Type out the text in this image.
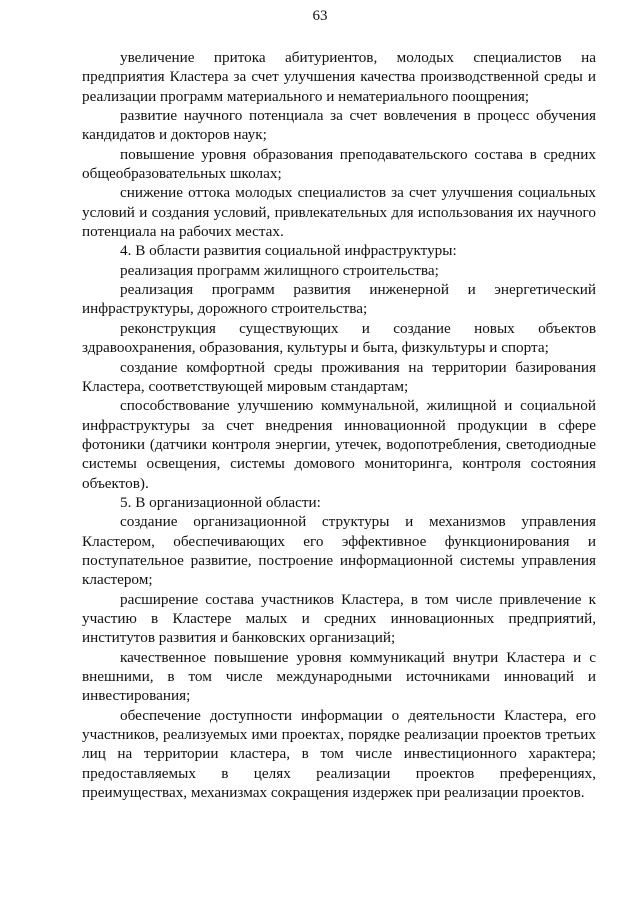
63

увеличение притока абитуриентов, молодых специалистов на предприятия Кластера за счет улучшения качества производственной среды и реализации программ материального и нематериального поощрения;

развитие научного потенциала за счет вовлечения в процесс обучения кандидатов и докторов наук;

повышение уровня образования преподавательского состава в средних общеобразовательных школах;

снижение оттока молодых специалистов за счет улучшения социальных условий и создания условий, привлекательных для использования их научного потенциала на рабочих местах.

4. В области развития социальной инфраструктуры:

реализация программ жилищного строительства;

реализация программ развития инженерной и энергетический инфраструктуры, дорожного строительства;

реконструкция существующих и создание новых объектов здравоохранения, образования, культуры и быта, физкультуры и спорта;

создание комфортной среды проживания на территории базирования Кластера, соответствующей мировым стандартам;

способствование улучшению коммунальной, жилищной и социальной инфраструктуры за счет внедрения инновационной продукции в сфере фотоники (датчики контроля энергии, утечек, водопотребления, светодиодные системы освещения, системы домового мониторинга, контроля состояния объектов).

5. В организационной области:

создание организационной структуры и механизмов управления Кластером, обеспечивающих его эффективное функционирования и поступательное развитие, построение информационной системы управления кластером;

расширение состава участников Кластера, в том числе привлечение к участию в Кластере малых и средних инновационных предприятий, институтов развития и банковских организаций;

качественное повышение уровня коммуникаций внутри Кластера и с внешними, в том числе международными источниками инноваций и инвестирования;

обеспечение доступности информации о деятельности Кластера, его участников, реализуемых ими проектах, порядке реализации проектов третьих лиц на территории кластера, в том числе инвестиционного характера; предоставляемых в целях реализации проектов преференциях, преимуществах, механизмах сокращения издержек при реализации проектов.
